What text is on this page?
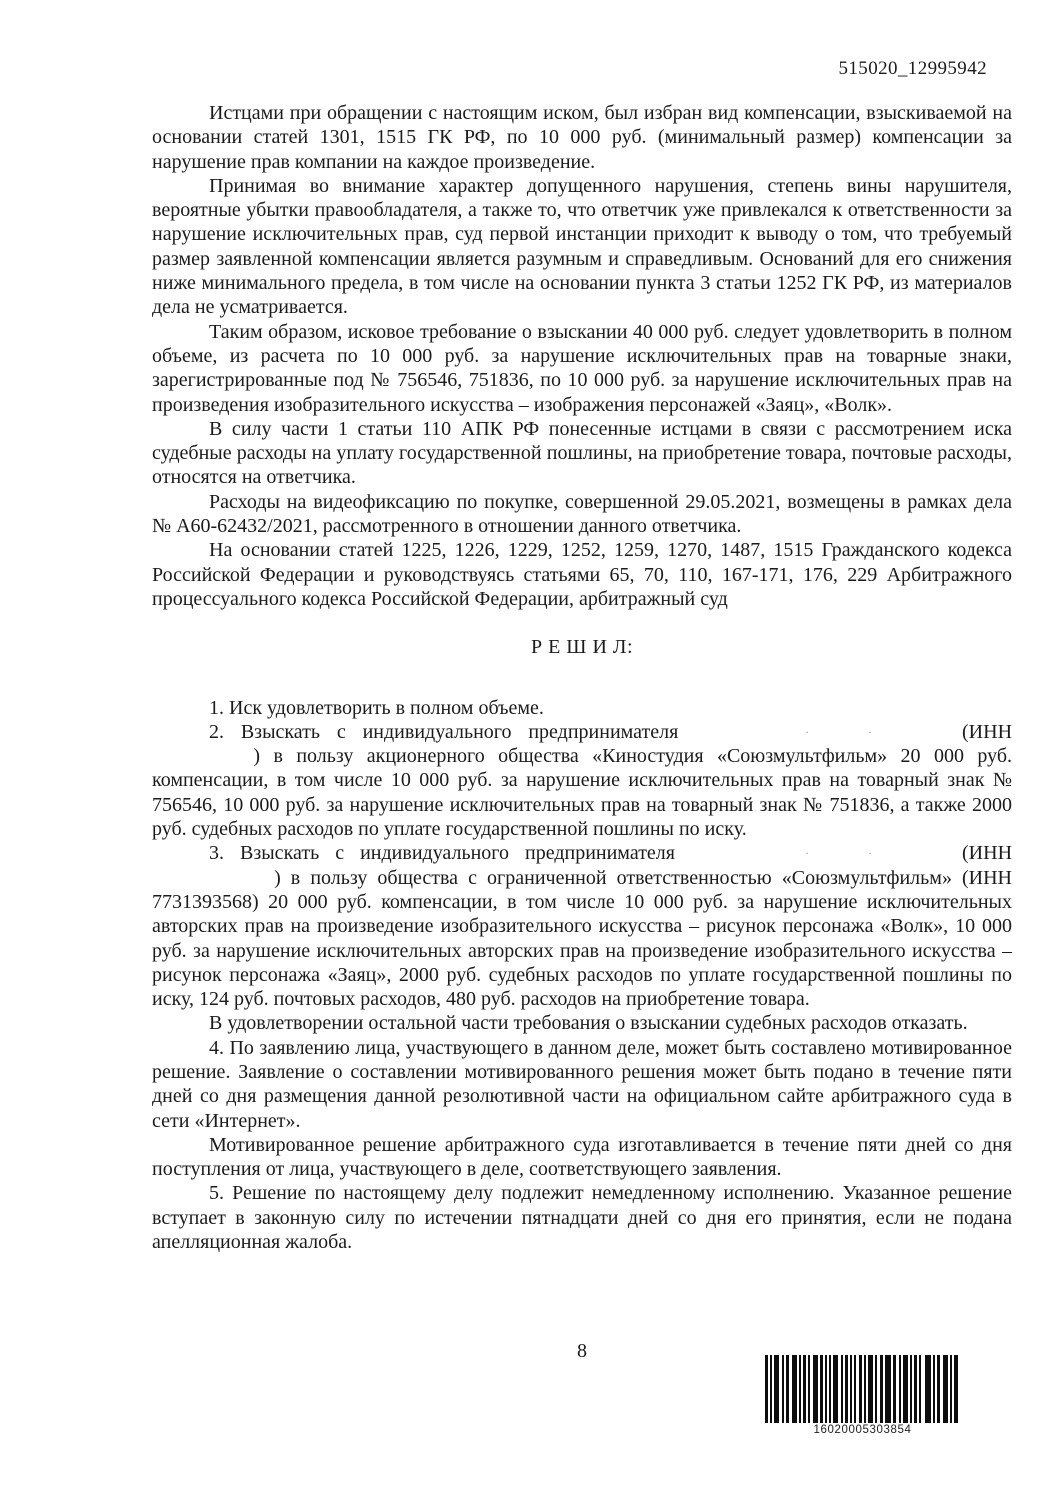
515020_12995942

Истцами при обращении с настоящим иском, был избран вид компенсации, взыскиваемой на основании статей 1301, 1515 ГК РФ, по 10 000 руб. (минимальный размер) компенсации за нарушение прав компании на каждое произведение.

Принимая во внимание характер допущенного нарушения, степень вины нарушителя, вероятные убытки правообладателя, а также то, что ответчик уже привлекался к ответственности за нарушение исключительных прав, суд первой инстанции приходит к выводу о том, что требуемый размер заявленной компенсации является разумным и справедливым. Оснований для его снижения ниже минимального предела, в том числе на основании пункта 3 статьи 1252 ГК РФ, из материалов дела не усматривается.

Таким образом, исковое требование о взыскании 40 000 руб. следует удовлетворить в полном объеме, из расчета по 10 000 руб. за нарушение исключительных прав на товарные знаки, зарегистрированные под № 756546, 751836, по 10 000 руб. за нарушение исключительных прав на произведения изобразительного искусства – изображения персонажей «Заяц», «Волк».

В силу части 1 статьи 110 АПК РФ понесенные истцами в связи с рассмотрением иска судебные расходы на уплату государственной пошлины, на приобретение товара, почтовые расходы, относятся на ответчика.

Расходы на видеофиксацию по покупке, совершенной 29.05.2021, возмещены в рамках дела № А60-62432/2021, рассмотренного в отношении данного ответчика.

На основании статей 1225, 1226, 1229, 1252, 1259, 1270, 1487, 1515 Гражданского кодекса Российской Федерации и руководствуясь статьями 65, 70, 110, 167-171, 176, 229 Арбитражного процессуального кодекса Российской Федерации, арбитражный суд

Р Е Ш И Л:

1. Иск удовлетворить в полном объеме.

2. Взыскать с индивидуального предпринимателя	· ·	(ИНН  ) в пользу акционерного общества «Киностудия «Союзмультфильм» 20 000 руб. компенсации, в том числе 10 000 руб. за нарушение исключительных прав на товарный знак № 756546, 10 000 руб. за нарушение исключительных прав на товарный знак № 751836, а также 2000 руб. судебных расходов по уплате государственной пошлины по иску.

3. Взыскать с индивидуального предпринимателя	· ·	(ИНН  ) в пользу общества с ограниченной ответственностью «Союзмультфильм» (ИНН 7731393568) 20 000 руб. компенсации, в том числе 10 000 руб. за нарушение исключительных авторских прав на произведение изобразительного искусства – рисунок персонажа «Волк», 10 000 руб. за нарушение исключительных авторских прав на произведение изобразительного искусства – рисунок персонажа «Заяц», 2000 руб. судебных расходов по уплате государственной пошлины по иску, 124 руб. почтовых расходов, 480 руб. расходов на приобретение товара.

В удовлетворении остальной части требования о взыскании судебных расходов отказать.

4. По заявлению лица, участвующего в данном деле, может быть составлено мотивированное решение. Заявление о составлении мотивированного решения может быть подано в течение пяти дней со дня размещения данной резолютивной части на официальном сайте арбитражного суда в сети «Интернет».

Мотивированное решение арбитражного суда изготавливается в течение пяти дней со дня поступления от лица, участвующего в деле, соответствующего заявления.

5. Решение по настоящему делу подлежит немедленному исполнению. Указанное решение вступает в законную силу по истечении пятнадцати дней со дня его принятия, если не подана апелляционная жалоба.

8
16020005303854
